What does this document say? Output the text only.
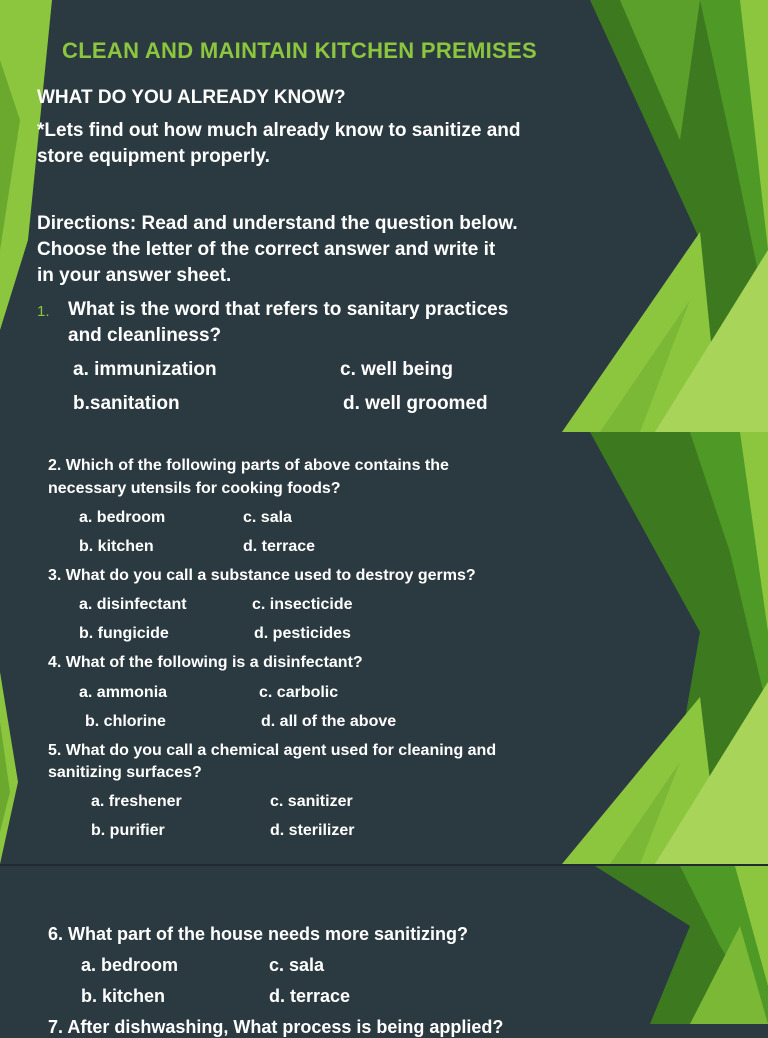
CLEAN AND MAINTAIN KITCHEN PREMISES
WHAT DO YOU ALREADY KNOW?
*Lets find out how much already know to sanitize and
store equipment properly.
Directions: Read and understand the question below.
Choose the letter of the correct answer and write it
in your answer sheet.
1. What is the word that refers to sanitary practices
and cleanliness?
a. immunization	c. well being
b.sanitation	d. well groomed
2. Which of the following parts of above contains the
necessary utensils for cooking foods?
a. bedroom	c. sala
b. kitchen	d. terrace
3. What do you call a substance used to destroy germs?
a. disinfectant	c. insecticide
b. fungicide	d. pesticides
4. What of the following is a disinfectant?
a. ammonia	c. carbolic
b. chlorine	d. all of the above
5. What do you call a chemical agent used for cleaning and
sanitizing surfaces?
a. freshener	c. sanitizer
b. purifier	d. sterilizer
6. What part of the house needs more sanitizing?
a. bedroom	c. sala
b. kitchen	d. terrace
7. After dishwashing, What process is being applied?
